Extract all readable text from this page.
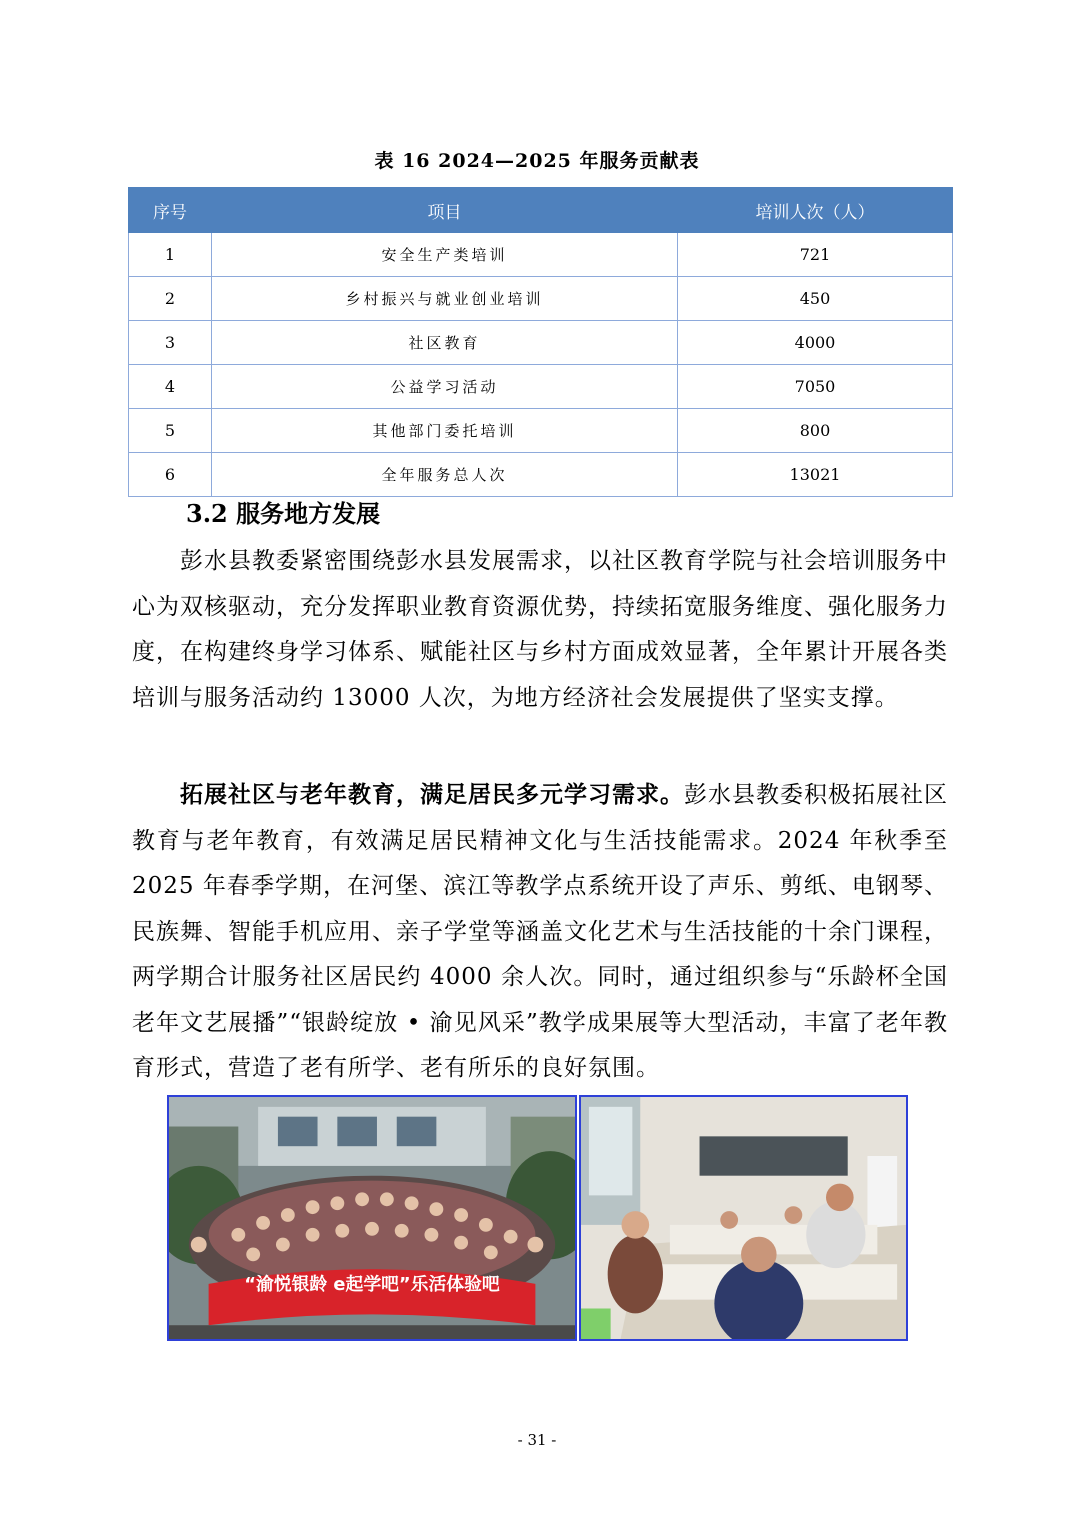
表 16 2024—2025 年服务贡献表
序号	项目	培训人次（人）
1	安全生产类培训	721
2	乡村振兴与就业创业培训	450
3	社区教育	4000
4	公益学习活动	7050
5	其他部门委托培训	800
6	全年服务总人次	13021
3.2 服务地方发展

彭水县教委紧密围绕彭水县发展需求，以社区教育学院与社会培训服务中心为双核驱动，充分发挥职业教育资源优势，持续拓宽服务维度、强化服务力度，在构建终身学习体系、赋能社区与乡村方面成效显著，全年累计开展各类培训与服务活动约 13000 人次，为地方经济社会发展提供了坚实支撑。

拓展社区与老年教育，满足居民多元学习需求。彭水县教委积极拓展社区教育与老年教育，有效满足居民精神文化与生活技能需求。2024 年秋季至 2025 年春季学期，在河堡、滨江等教学点系统开设了声乐、剪纸、电钢琴、民族舞、智能手机应用、亲子学堂等涵盖文化艺术与生活技能的十余门课程，两学期合计服务社区居民约 4000 余人次。同时，通过组织参与“乐龄杯全国老年文艺展播”“银龄绽放 • 渝见风采”教学成果展等大型活动，丰富了老年教育形式，营造了老有所学、老有所乐的良好氛围。

“渝悦银龄 e起学吧”乐活体验吧
- 31 -
